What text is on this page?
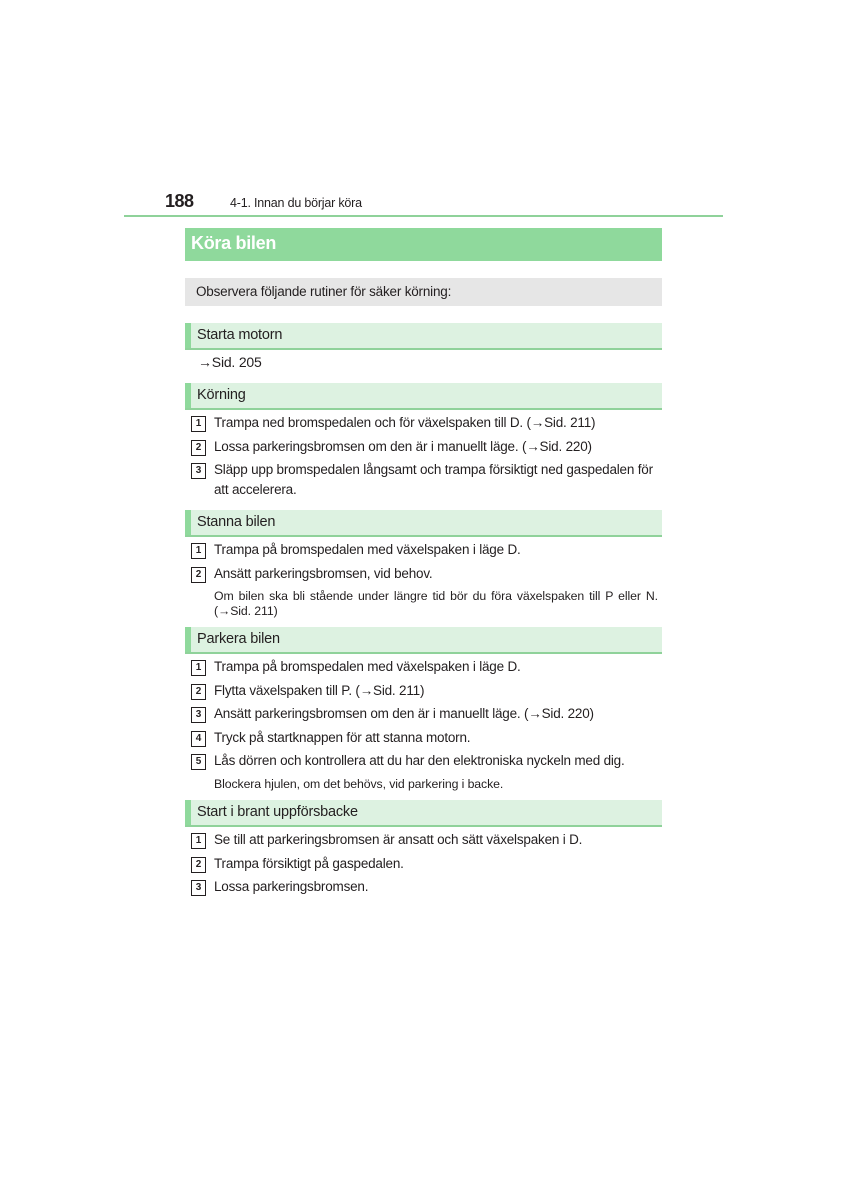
188	4-1. Innan du börjar köra
Köra bilen
Observera följande rutiner för säker körning:
Starta motorn
→Sid. 205
Körning
1 Trampa ned bromspedalen och för växelspaken till D. (→Sid. 211)
2 Lossa parkeringsbromsen om den är i manuellt läge. (→Sid. 220)
3 Släpp upp bromspedalen långsamt och trampa försiktigt ned gaspedalen för att accelerera.
Stanna bilen
1 Trampa på bromspedalen med växelspaken i läge D.
2 Ansätt parkeringsbromsen, vid behov.
Om bilen ska bli stående under längre tid bör du föra växelspaken till P eller N. (→Sid. 211)
Parkera bilen
1 Trampa på bromspedalen med växelspaken i läge D.
2 Flytta växelspaken till P. (→Sid. 211)
3 Ansätt parkeringsbromsen om den är i manuellt läge. (→Sid. 220)
4 Tryck på startknappen för att stanna motorn.
5 Lås dörren och kontrollera att du har den elektroniska nyckeln med dig.
Blockera hjulen, om det behövs, vid parkering i backe.
Start i brant uppförsbacke
1 Se till att parkeringsbromsen är ansatt och sätt växelspaken i D.
2 Trampa försiktigt på gaspedalen.
3 Lossa parkeringsbromsen.
